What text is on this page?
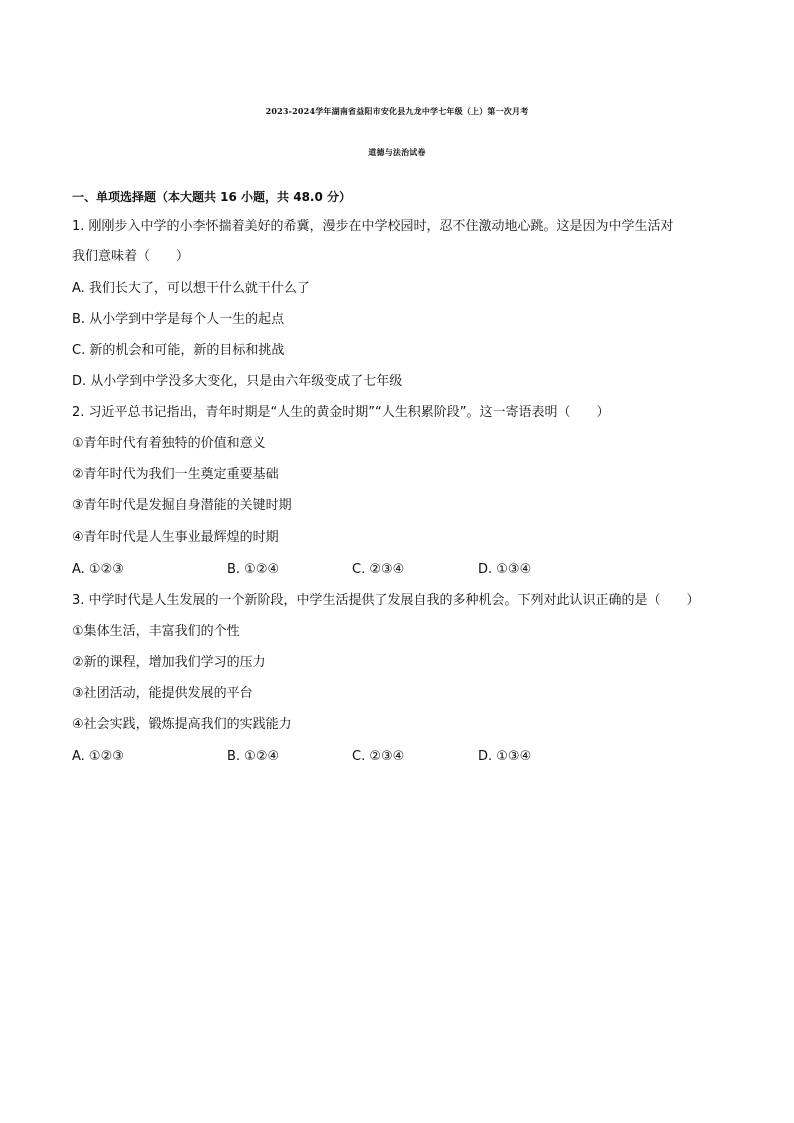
2023-2024学年湖南省益阳市安化县九龙中学七年级（上）第一次月考
道德与法治试卷
一、单项选择题（本大题共 16 小题，共 48.0 分）
1. 刚刚步入中学的小李怀揣着美好的希冀，漫步在中学校园时，忍不住激动地心跳。这是因为中学生活对
我们意味着（　　）
A. 我们长大了，可以想干什么就干什么了
B. 从小学到中学是每个人一生的起点
C. 新的机会和可能，新的目标和挑战
D. 从小学到中学没多大变化，只是由六年级变成了七年级
2. 习近平总书记指出，青年时期是“人生的黄金时期”“人生积累阶段”。这一寄语表明（　　）
①青年时代有着独特的价值和意义
②青年时代为我们一生奠定重要基础
③青年时代是发掘自身潜能的关键时期
④青年时代是人生事业最辉煌的时期
A. ①②③	B. ①②④	C. ②③④	D. ①③④
3. 中学时代是人生发展的一个新阶段，中学生活提供了发展自我的多种机会。下列对此认识正确的是（　　）
①集体生活，丰富我们的个性
②新的课程，增加我们学习的压力
③社团活动，能提供发展的平台
④社会实践，锻炼提高我们的实践能力
A. ①②③	B. ①②④	C. ②③④	D. ①③④
